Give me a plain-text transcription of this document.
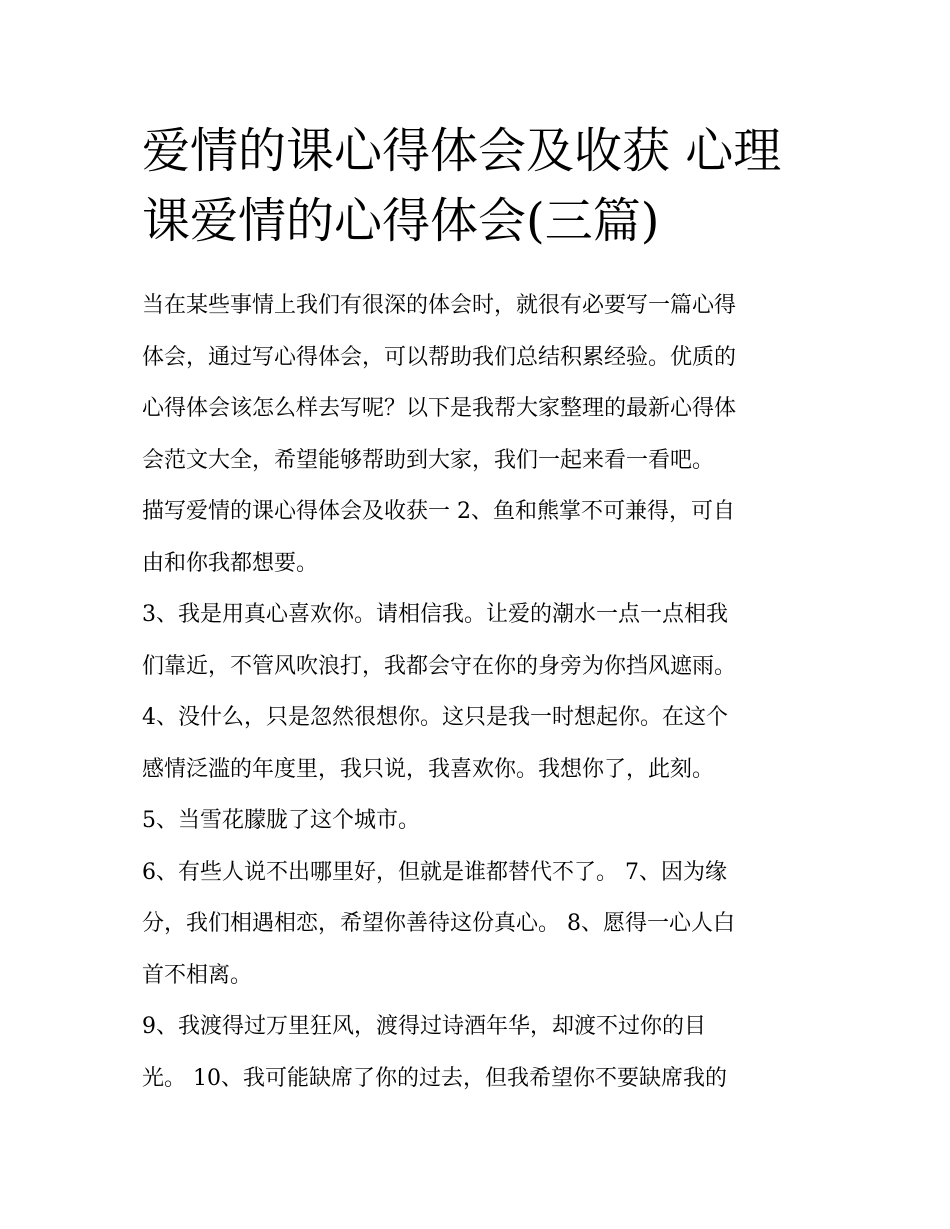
爱情的课心得体会及收获 心理
课爱情的心得体会(三篇)
当在某些事情上我们有很深的体会时，就很有必要写一篇心得
体会，通过写心得体会，可以帮助我们总结积累经验。优质的
心得体会该怎么样去写呢？以下是我帮大家整理的最新心得体
会范文大全，希望能够帮助到大家，我们一起来看一看吧。
描写爱情的课心得体会及收获一 2、鱼和熊掌不可兼得，可自
由和你我都想要。
3、我是用真心喜欢你。请相信我。让爱的潮水一点一点相我
们靠近，不管风吹浪打，我都会守在你的身旁为你挡风遮雨。
4、没什么，只是忽然很想你。这只是我一时想起你。在这个
感情泛滥的年度里，我只说，我喜欢你。我想你了，此刻。
5、当雪花朦胧了这个城市。
6、有些人说不出哪里好，但就是谁都替代不了。 7、因为缘
分，我们相遇相恋，希望你善待这份真心。 8、愿得一心人白
首不相离。
9、我渡得过万里狂风，渡得过诗酒年华，却渡不过你的目
光。 10、我可能缺席了你的过去，但我希望你不要缺席我的
